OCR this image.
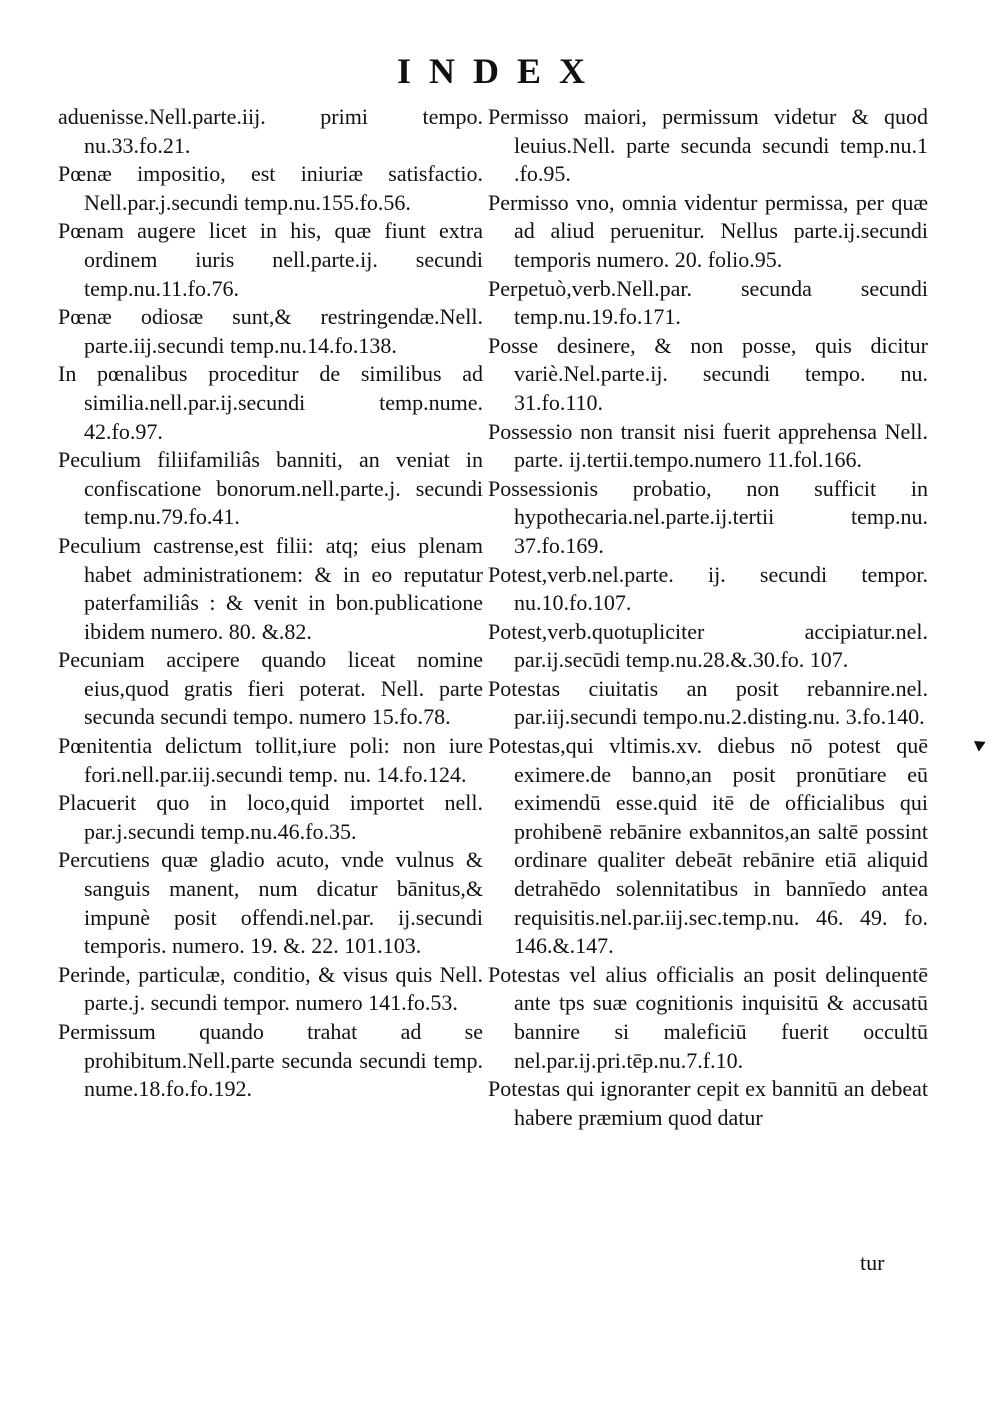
INDEX

aduenisse.Nell.parte.iij. primi tempo. nu.33.fo.21.

Pœnæ impositio, est iniuriæ satisfactio. Nell.par.j.secundi temp.nu.155.fo.56.

Pœnam augere licet in his, quæ fiunt extra ordinem iuris nell.parte.ij. secundi temp.nu.11.fo.76.

Pœnæ odiosæ sunt,& restringendæ.Nell. parte.iij.secundi temp.nu.14.fo.138.

In pœnalibus proceditur de similibus ad similia.nell.par.ij.secundi temp.nume. 42.fo.97.

Peculium filiifamiliâs banniti, an veniat in confiscatione bonorum.nell.parte.j. secundi temp.nu.79.fo.41.

Peculium castrense,est filii: atq; eius plenam habet administrationem: & in eo reputatur paterfamiliâs : & venit in bon.publicatione ibidem numero. 80. &.82.

Pecuniam accipere quando liceat nomine eius,quod gratis fieri poterat. Nell. parte secunda secundi tempo. numero 15.fo.78.

Pœnitentia delictum tollit,iure poli: non iure fori.nell.par.iij.secundi temp. nu. 14.fo.124.

Placuerit quo in loco,quid importet nell. par.j.secundi temp.nu.46.fo.35.

Percutiens quæ gladio acuto, vnde vulnus & sanguis manent, num dicatur bānitus,& impunè posit offendi.nel.par. ij.secundi temporis. numero. 19. &. 22. 101.103.

Perinde, particulæ, conditio, & visus quis Nell. parte.j. secundi tempor. numero 141.fo.53.

Permissum quando trahat ad se prohibitum.Nell.parte secunda secundi temp. nume.18.fo.fo.192.

Permisso maiori, permissum videtur & quod leuius.Nell. parte secunda secundi temp.nu.1 .fo.95.

Permisso vno, omnia videntur permissa, per quæ ad aliud peruenitur. Nellus parte.ij.secundi temporis numero. 20. folio.95.

Perpetuò,verb.Nell.par. secunda secundi temp.nu.19.fo.171.

Posse desinere, & non posse, quis dicitur variè.Nel.parte.ij. secundi tempo. nu. 31.fo.110.

Possessio non transit nisi fuerit apprehensa Nell. parte. ij.tertii.tempo.numero 11.fol.166.

Possessionis probatio, non sufficit in hypothecaria.nel.parte.ij.tertii temp.nu. 37.fo.169.

Potest,verb.nel.parte. ij. secundi tempor. nu.10.fo.107.

Potest,verb.quotupliciter accipiatur.nel. par.ij.secūdi temp.nu.28.&.30.fo. 107.

Potestas ciuitatis an posit rebannire.nel. par.iij.secundi tempo.nu.2.disting.nu. 3.fo.140.

Potestas,qui vltimis.xv. diebus nō potest quē eximere.de banno,an posit pronūtiare eū eximendū esse.quid itē de officialibus qui prohibenē rebānire exbannitos,an saltē possint ordinare qualiter debeāt rebānire etiā aliquid detrahēdo solennitatibus in bannīedo antea requisitis.nel.par.iij.sec.temp.nu. 46. 49. fo. 146.&.147.

Potestas vel alius officialis an posit delinquentē ante tps suæ cognitionis inquisitū & accusatū bannire si maleficiū fuerit occultū nel.par.ij.pri.tēp.nu.7.f.10.

Potestas qui ignoranter cepit ex bannitū an debeat habere præmium quod datur

tur
